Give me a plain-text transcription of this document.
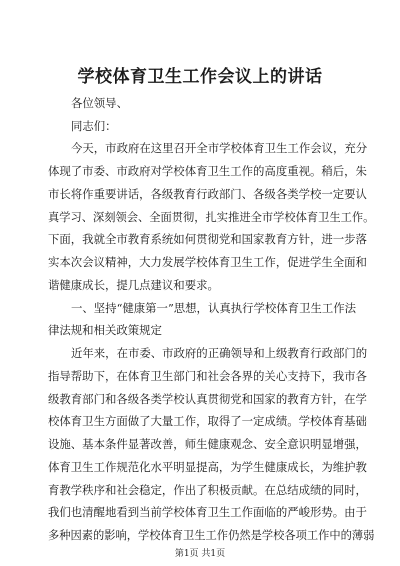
学校体育卫生工作会议上的讲话
各位领导、
同志们：
今天，市政府在这里召开全市学校体育卫生工作会议，充分
体现了市委、市政府对学校体育卫生工作的高度重视。稍后，朱
市长将作重要讲话，各级教育行政部门、各级各类学校一定要认
真学习、深刻领会、全面贯彻，扎实推进全市学校体育卫生工作。
下面，我就全市教育系统如何贯彻党和国家教育方针，进一步落
实本次会议精神，大力发展学校体育卫生工作，促进学生全面和
谐健康成长，提几点建议和要求。
一、坚持“健康第一”思想，认真执行学校体育卫生工作法
律法规和相关政策规定
近年来，在市委、市政府的正确领导和上级教育行政部门的
指导帮助下，在体育卫生部门和社会各界的关心支持下，我市各
级教育部门和各级各类学校认真贯彻党和国家的教育方针，在学
校体育卫生方面做了大量工作，取得了一定成绩。学校体育基础
设施、基本条件显著改善，师生健康观念、安全意识明显增强，
体育卫生工作规范化水平明显提高，为学生健康成长，为维护教
育教学秩序和社会稳定，作出了积极贡献。在总结成绩的同时，
我们也清醒地看到当前学校体育卫生工作面临的严峻形势。由于
多种因素的影响，学校体育卫生工作仍然是学校各项工作中的薄弱
第1页 共1页
